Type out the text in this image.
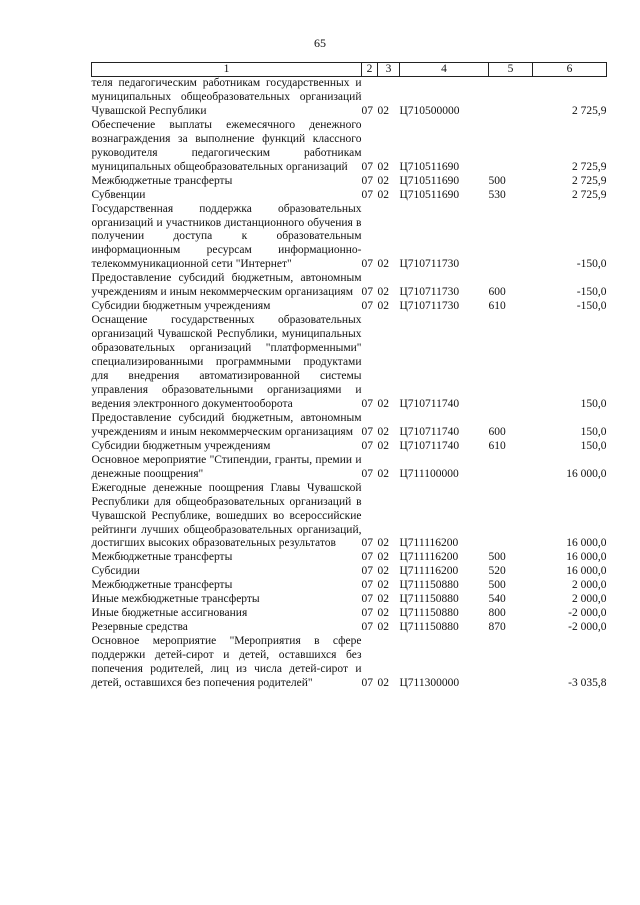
65
1	2	3	4	5	6
теля педагогическим работникам государственных и муниципальных общеобразовательных организаций Чувашской Республики	07	02	Ц710500000		2 725,9
Обеспечение выплаты ежемесячного денежного вознаграждения за выполнение функций классного руководителя педагогическим работникам муниципальных общеобразовательных организаций	07	02	Ц710511690		2 725,9
Межбюджетные трансферты	07	02	Ц710511690	500	2 725,9
Субвенции	07	02	Ц710511690	530	2 725,9
Государственная поддержка образовательных организаций и участников дистанционного обучения в получении доступа к образовательным информационным ресурсам информационно-телекоммуникационной сети "Интернет"	07	02	Ц710711730		-150,0
Предоставление субсидий бюджетным, автономным учреждениям и иным некоммерческим организациям	07	02	Ц710711730	600	-150,0
Субсидии бюджетным учреждениям	07	02	Ц710711730	610	-150,0
Оснащение государственных образовательных организаций Чувашской Республики, муниципальных образовательных организаций "платформенными" специализированными программными продуктами для внедрения автоматизированной системы управления образовательными организациями и ведения электронного документооборота	07	02	Ц710711740		150,0
Предоставление субсидий бюджетным, автономным учреждениям и иным некоммерческим организациям	07	02	Ц710711740	600	150,0
Субсидии бюджетным учреждениям	07	02	Ц710711740	610	150,0
Основное мероприятие "Стипендии, гранты, премии и денежные поощрения"	07	02	Ц711100000		16 000,0
Ежегодные денежные поощрения Главы Чувашской Республики для общеобразовательных организаций в Чувашской Республике, вошедших во всероссийские рейтинги лучших общеобразовательных организаций, достигших высоких образовательных результатов	07	02	Ц711116200		16 000,0
Межбюджетные трансферты	07	02	Ц711116200	500	16 000,0
Субсидии	07	02	Ц711116200	520	16 000,0
Межбюджетные трансферты	07	02	Ц711150880	500	2 000,0
Иные межбюджетные трансферты	07	02	Ц711150880	540	2 000,0
Иные бюджетные ассигнования	07	02	Ц711150880	800	-2 000,0
Резервные средства	07	02	Ц711150880	870	-2 000,0
Основное мероприятие "Мероприятия в сфере поддержки детей-сирот и детей, оставшихся без попечения родителей, лиц из числа детей-сирот и детей, оставшихся без попечения родителей"	07	02	Ц711300000		-3 035,8
